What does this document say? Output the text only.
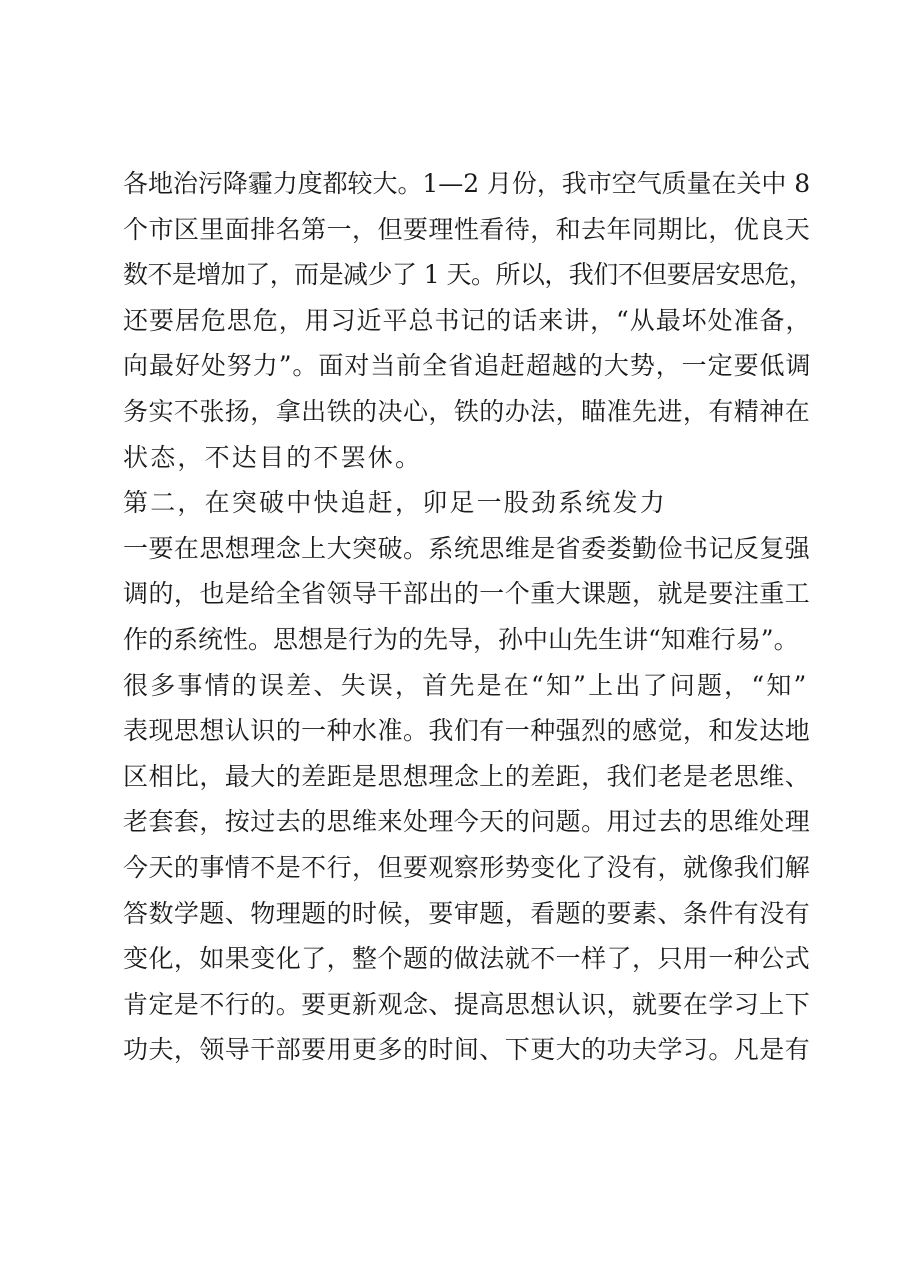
各地治污降霾力度都较大。1—2 月份，我市空气质量在关中 8
个市区里面排名第一，但要理性看待，和去年同期比，优良天
数不是增加了，而是减少了 1 天。所以，我们不但要居安思危，
还要居危思危，用习近平总书记的话来讲，“从最坏处准备，
向最好处努力”。面对当前全省追赶超越的大势，一定要低调
务实不张扬，拿出铁的决心，铁的办法，瞄准先进，有精神在
状态，不达目的不罢休。
第二，在突破中快追赶，卯足一股劲系统发力
一要在思想理念上大突破。系统思维是省委娄勤俭书记反复强
调的，也是给全省领导干部出的一个重大课题，就是要注重工
作的系统性。思想是行为的先导，孙中山先生讲“知难行易”。
很多事情的误差、失误，首先是在“知”上出了问题，“知”
表现思想认识的一种水准。我们有一种强烈的感觉，和发达地
区相比，最大的差距是思想理念上的差距，我们老是老思维、
老套套，按过去的思维来处理今天的问题。用过去的思维处理
今天的事情不是不行，但要观察形势变化了没有，就像我们解
答数学题、物理题的时候，要审题，看题的要素、条件有没有
变化，如果变化了，整个题的做法就不一样了，只用一种公式
肯定是不行的。要更新观念、提高思想认识，就要在学习上下
功夫，领导干部要用更多的时间、下更大的功夫学习。凡是有
